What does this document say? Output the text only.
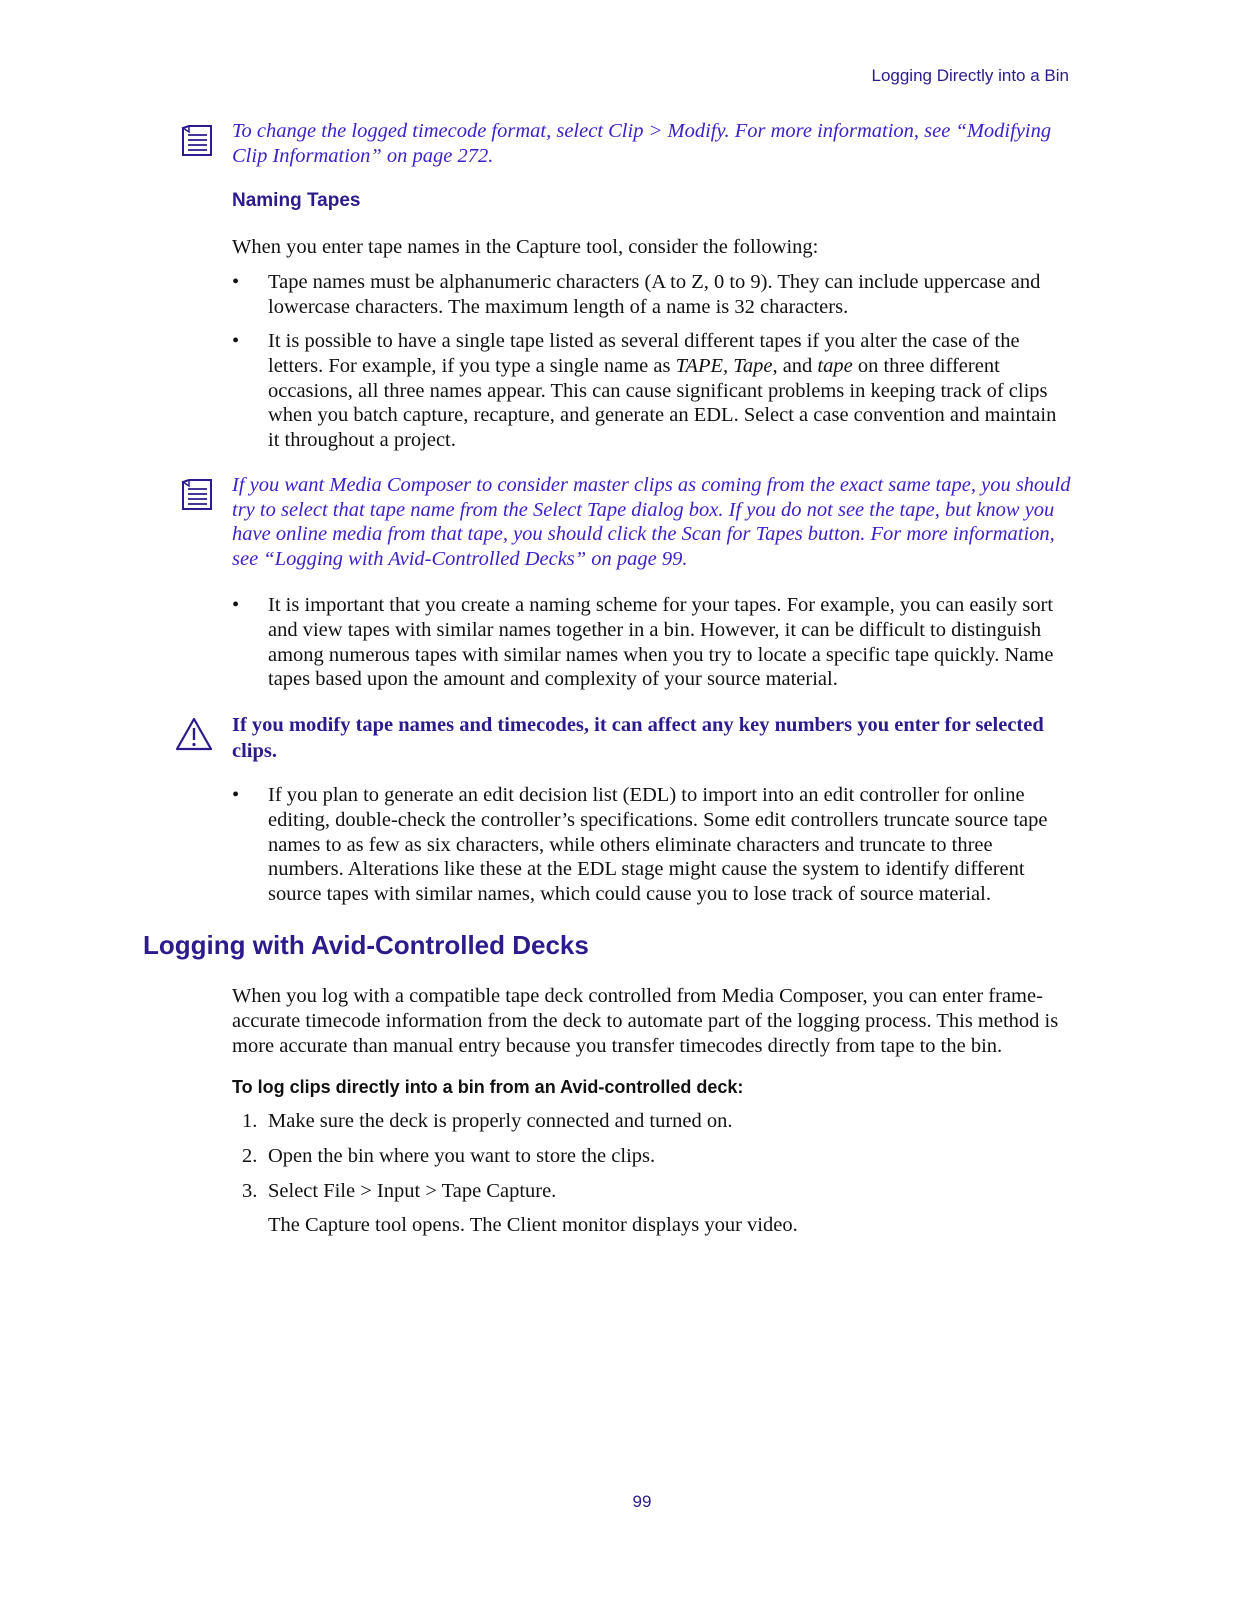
Logging Directly into a Bin
To change the logged timecode format, select Clip > Modify. For more information, see “Modifying Clip Information” on page 272.
Naming Tapes
When you enter tape names in the Capture tool, consider the following:
• Tape names must be alphanumeric characters (A to Z, 0 to 9). They can include uppercase and lowercase characters. The maximum length of a name is 32 characters.
• It is possible to have a single tape listed as several different tapes if you alter the case of the letters. For example, if you type a single name as TAPE, Tape, and tape on three different occasions, all three names appear. This can cause significant problems in keeping track of clips when you batch capture, recapture, and generate an EDL. Select a case convention and maintain it throughout a project.
If you want Media Composer to consider master clips as coming from the exact same tape, you should try to select that tape name from the Select Tape dialog box. If you do not see the tape, but know you have online media from that tape, you should click the Scan for Tapes button. For more information, see “Logging with Avid-Controlled Decks” on page 99.
• It is important that you create a naming scheme for your tapes. For example, you can easily sort and view tapes with similar names together in a bin. However, it can be difficult to distinguish among numerous tapes with similar names when you try to locate a specific tape quickly. Name tapes based upon the amount and complexity of your source material.
If you modify tape names and timecodes, it can affect any key numbers you enter for selected clips.
• If you plan to generate an edit decision list (EDL) to import into an edit controller for online editing, double-check the controller’s specifications. Some edit controllers truncate source tape names to as few as six characters, while others eliminate characters and truncate to three numbers. Alterations like these at the EDL stage might cause the system to identify different source tapes with similar names, which could cause you to lose track of source material.
Logging with Avid-Controlled Decks
When you log with a compatible tape deck controlled from Media Composer, you can enter frame-accurate timecode information from the deck to automate part of the logging process. This method is more accurate than manual entry because you transfer timecodes directly from tape to the bin.
To log clips directly into a bin from an Avid-controlled deck:
1. Make sure the deck is properly connected and turned on.
2. Open the bin where you want to store the clips.
3. Select File > Input > Tape Capture.
The Capture tool opens. The Client monitor displays your video.
99
